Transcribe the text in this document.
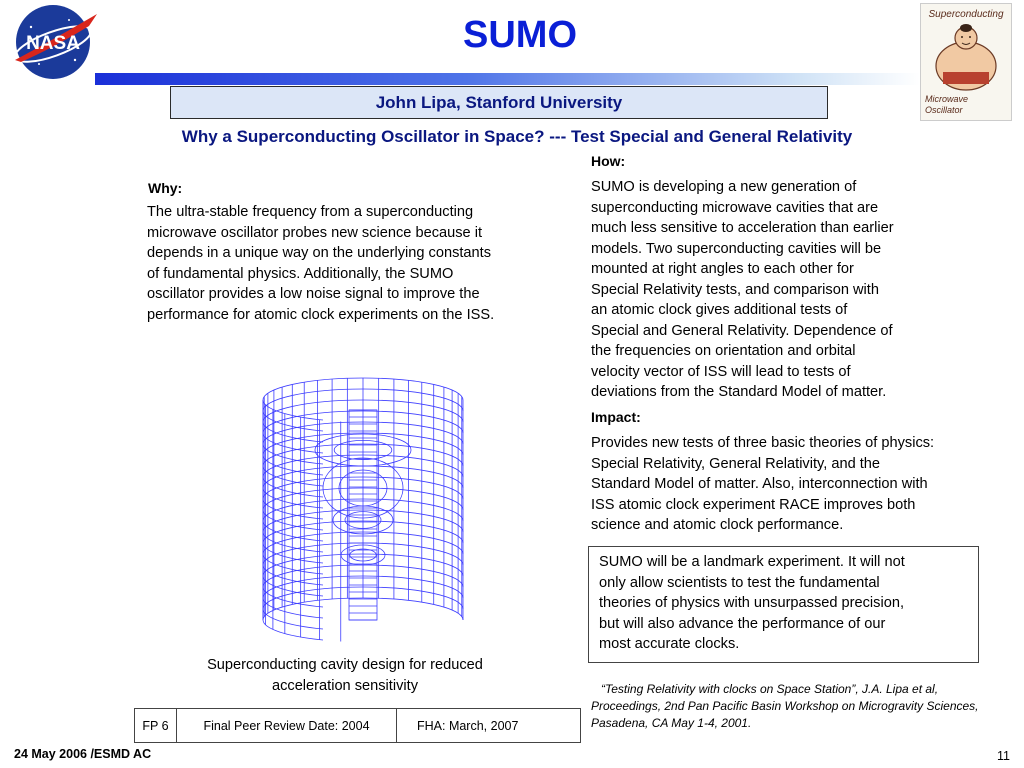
NASA
Superconducting
Microwave
Oscillator
SUMO
John Lipa, Stanford University
Why a Superconducting Oscillator in Space? --- Test Special and General Relativity
Why:
The ultra-stable frequency from a superconducting
microwave oscillator probes new science because it
depends in a unique way on the underlying constants
of fundamental physics. Additionally, the SUMO
oscillator provides a low noise signal to improve the
performance for atomic clock experiments on the ISS.
How:
SUMO is developing a new generation of
superconducting microwave cavities that are
much less sensitive to acceleration than earlier
models. Two superconducting cavities will be
mounted at right angles to each other for
Special Relativity tests, and comparison with
an atomic clock gives additional tests of
Special and General Relativity. Dependence of
the frequencies on orientation and orbital
velocity vector of ISS will lead to tests of
deviations from the Standard Model of matter.
Impact:
Provides new tests of three basic theories of physics:
Special Relativity, General Relativity, and the
Standard Model of matter. Also, interconnection with
ISS atomic clock experiment RACE improves both
science and atomic clock performance.
SUMO will be a landmark experiment. It will not
only allow scientists to test the fundamental
theories of physics with unsurpassed precision,
but will also advance the performance of our
most accurate clocks.
Superconducting cavity design for reduced
acceleration sensitivity	“Testing Relativity with clocks on Space Station”, J.A. Lipa et al, Proceedings, 2nd Pan Pacific Basin Workshop on Microgravity Sciences, Pasadena, CA May 1-4, 2001.
FP 6	Final Peer Review Date: 2004	FHA: March, 2007
24 May 2006 /ESMD AC	11
